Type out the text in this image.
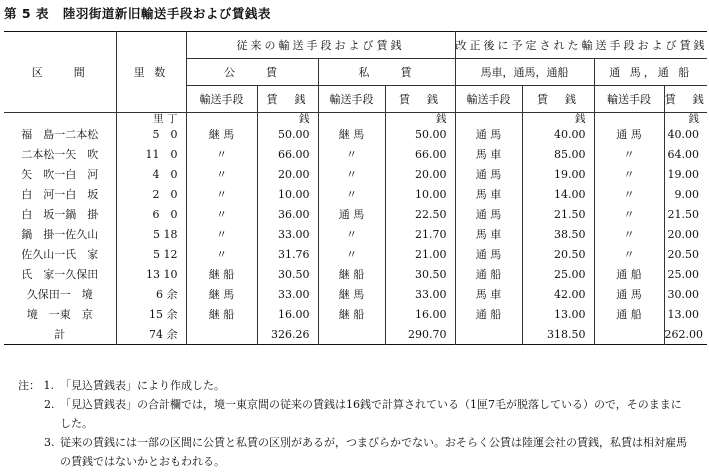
第 5 表 陸羽街道新旧輸送手段および賃銭表
区　　間	里 数	従来の輸送手段および賃銭				改正後に予定された輸送手段および賃銭			
		公　　賃		私　　賃		馬車，通馬，通船		通 馬，通 船	
		輸送手段	賃　銭	輸送手段	賃　銭	輸送手段	賃　銭	輸送手段	賃　銭
	里 丁		銭		銭		銭		銭
福　島一二本松	5　0	継 馬	50.00	継 馬	50.00	通 馬	40.00	通 馬	40.00
二本松一矢　吹	11　0	〃	66.00	〃	66.00	馬 車	85.00	〃	64.00
矢　吹一白　河	4　0	〃	20.00	〃	20.00	通 馬	19.00	〃	19.00
白　河一白　坂	2　0	〃	10.00	〃	10.00	馬 車	14.00	〃	9.00
白　坂一鍋　掛	6　0	〃	36.00	通 馬	22.50	通 馬	21.50	〃	21.50
鍋　掛一佐久山	5 18	〃	33.00	〃	21.70	馬 車	38.50	〃	20.00
佐久山一氏　家	5 12	〃	31.76	〃	21.00	通 馬	20.50	〃	20.50
氏　家一久保田	13 10	継 船	30.50	継 船	30.50	通 船	25.00	通 船	25.00
久保田一　境	6 余	継 馬	33.00	継 馬	33.00	馬 車	42.00	通 馬	30.00
境　一東　京	15 余	継 船	16.00	継 船	16.00	通 船	13.00	通 船	13.00
計	74 余		326.26		290.70		318.50		262.00
注： 1. 「見込賃銭表」により作成した。
2. 「見込賃銭表」の合計欄では，境一東京間の従来の賃銭は16銭で計算されている（1匣7毛が脱落している）ので，そのままに
した。
3. 従来の賃銭には一部の区間に公賃と私賃の区別があるが，つまびらかでない。おそらく公賃は陸運会社の賃銭，私賃は相対雇馬
の賃銭ではないかとおもわれる。
